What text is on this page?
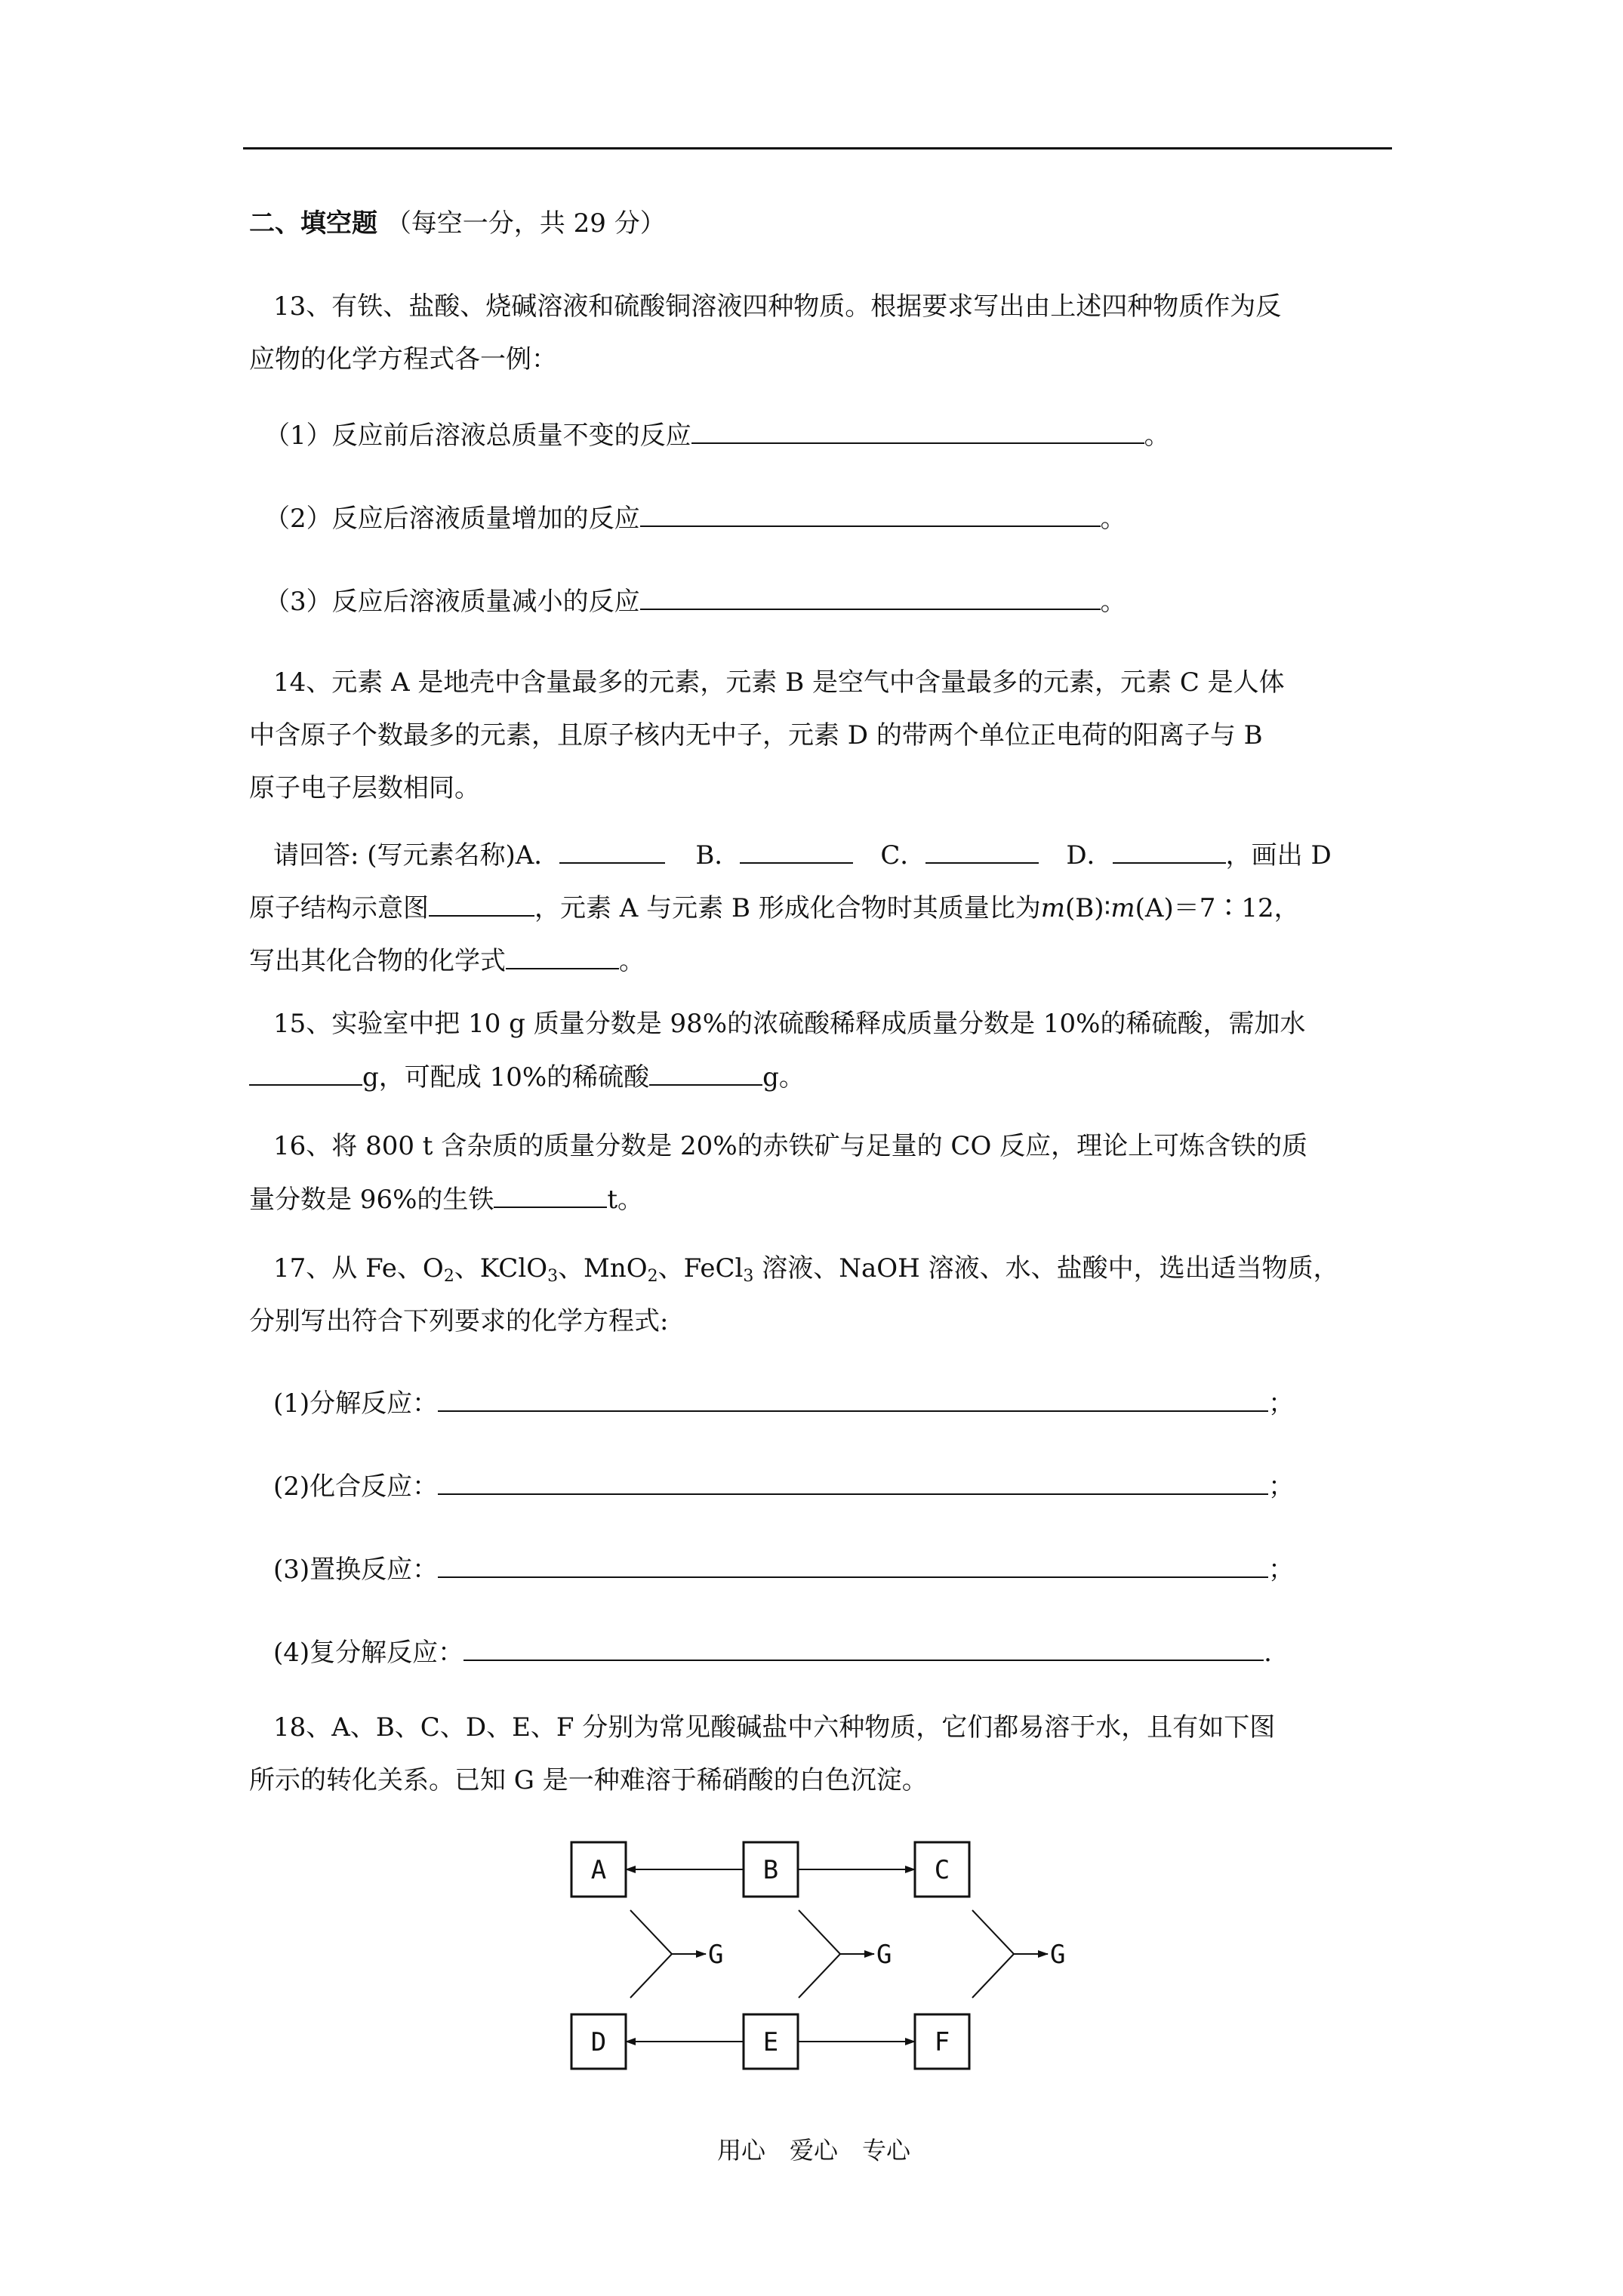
二、填空题 （每空一分，共 29 分）
13、有铁、盐酸、烧碱溶液和硫酸铜溶液四种物质。根据要求写出由上述四种物质作为反
应物的化学方程式各一例：
（1）反应前后溶液总质量不变的反应	。
（2）反应后溶液质量增加的反应	。
（3）反应后溶液质量减小的反应	。
14、元素 A 是地壳中含量最多的元素，元素 B 是空气中含量最多的元素，元素 C 是人体
中含原子个数最多的元素，且原子核内无中子，元素 D 的带两个单位正电荷的阳离子与 B
原子电子层数相同。
请回答: (写元素名称)A．	B．	C．	D．	，画出 D
原子结构示意图	，元素 A 与元素 B 形成化合物时其质量比为m(B)∶m(A)＝7∶12，
写出其化合物的化学式	。
15、实验室中把 10 g 质量分数是 98%的浓硫酸稀释成质量分数是 10%的稀硫酸，需加水
g，可配成 10%的稀硫酸	g。
16、将 800 t 含杂质的质量分数是 20%的赤铁矿与足量的 CO 反应，理论上可炼含铁的质
量分数是 96%的生铁	t。
17、从 Fe、$O_2$、KClO$_3$、MnO$_2$、FeCl$_3$ 溶液、NaOH 溶液、水、盐酸中，选出适当物质，
分别写出符合下列要求的化学方程式:
(1)分解反应：	；
(2)化合反应：	；
(3)置换反应：	；
(4)复分解反应：	.
18、A、B、C、D、E、F 分别为常见酸碱盐中六种物质，它们都易溶于水，且有如下图
所示的转化关系。已知 G 是一种难溶于稀硝酸的白色沉淀。
A	B	C
D	E	F
G	G	G
用心　爱心　专心
